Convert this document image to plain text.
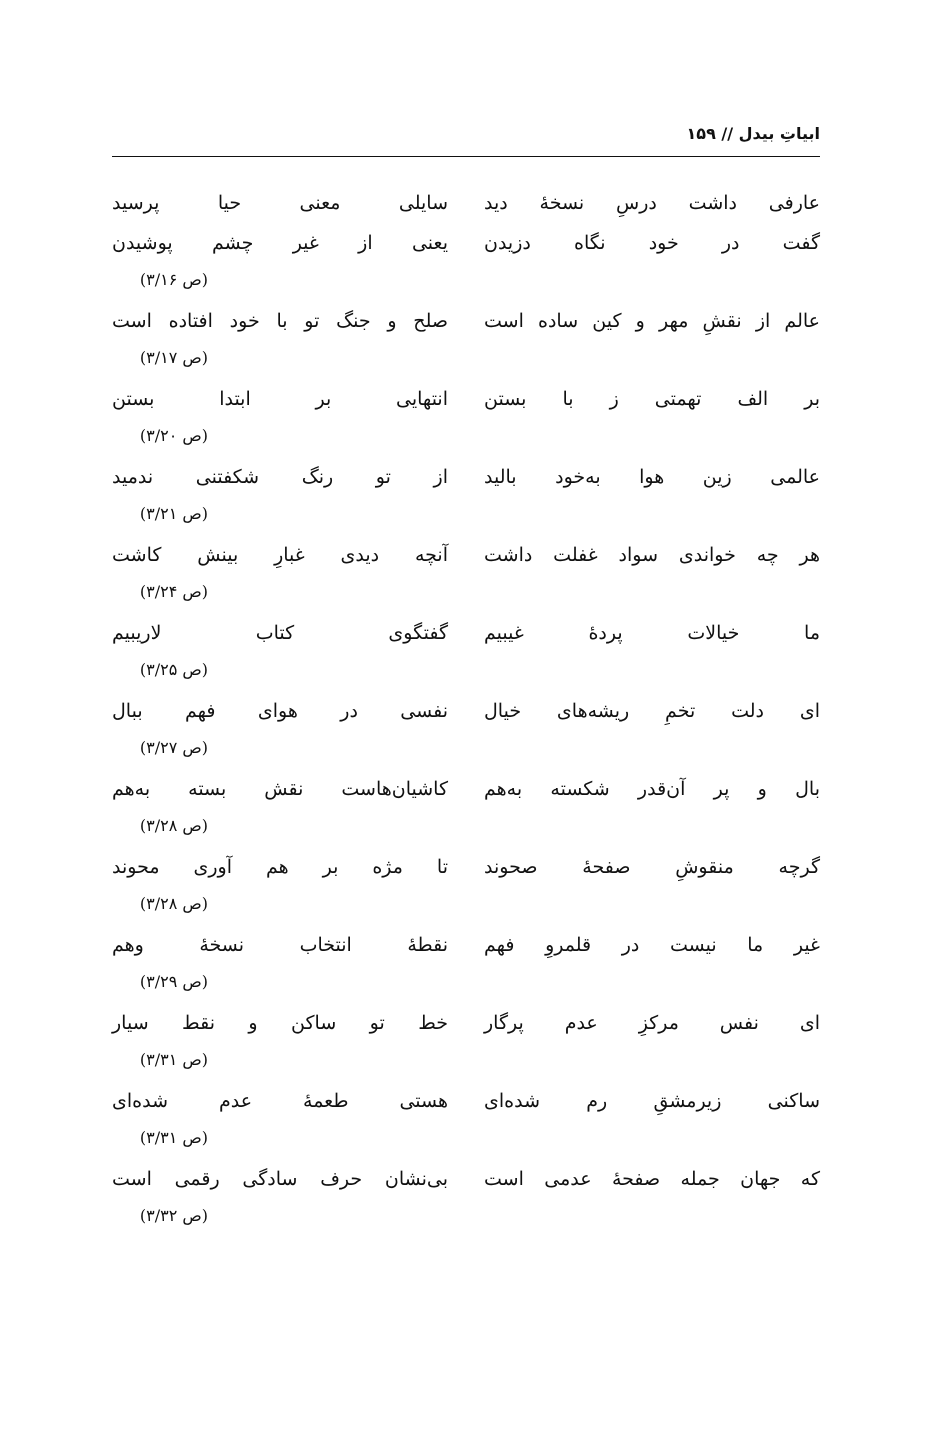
ابیاتِ بیدل // ۱۵۹
عارفی داشت درسِ نسخهٔ دید
سایلی معنی حیا پرسید
گفت در خود نگاه دزیدن
یعنی از غیر چشم پوشیدن
(ص ۳/۱۶)
عالم از نقشِ مهر و کین ساده است
صلح و جنگ تو با خود افتاده است
(ص ۳/۱۷)
بر الف تهمتی ز با بستن
انتهایی بر ابتدا بستن
(ص ۳/۲۰)
عالمی زین هوا به‌خود بالید
از تو رنگ شکفتنی ندمید
(ص ۳/۲۱)
هر چه خواندی سواد غفلت داشت
آنچه دیدی غبارِ بینش کاشت
(ص ۳/۲۴)
ما خیالات پردهٔ غیبیم
گفتگوی کتاب لاریبیم
(ص ۳/۲۵)
ای دلت تخمِ ریشه‌های خیال
نفسی در هوای فهم ببال
(ص ۳/۲۷)
بال و پر آن‌قدر شکسته به‌هم
کاشیان‌هاست نقش بسته به‌هم
(ص ۳/۲۸)
گرچه منقوشِ صفحهٔ صحوند
تا مژه بر هم آوری محوند
(ص ۳/۲۸)
غیر ما نیست در قلمروِ فهم
نقطهٔ انتخاب نسخهٔ وهم
(ص ۳/۲۹)
ای نفس مرکزِ عدم پرگار
خط تو ساکن و نقط سیار
(ص ۳/۳۱)
ساکنی زیرمشقِ رم شده‌ای
هستی طعمهٔ عدم شده‌ای
(ص ۳/۳۱)
که جهان جمله صفحهٔ عدمی است
بی‌نشان حرف سادگی رقمی است
(ص ۳/۳۲)
